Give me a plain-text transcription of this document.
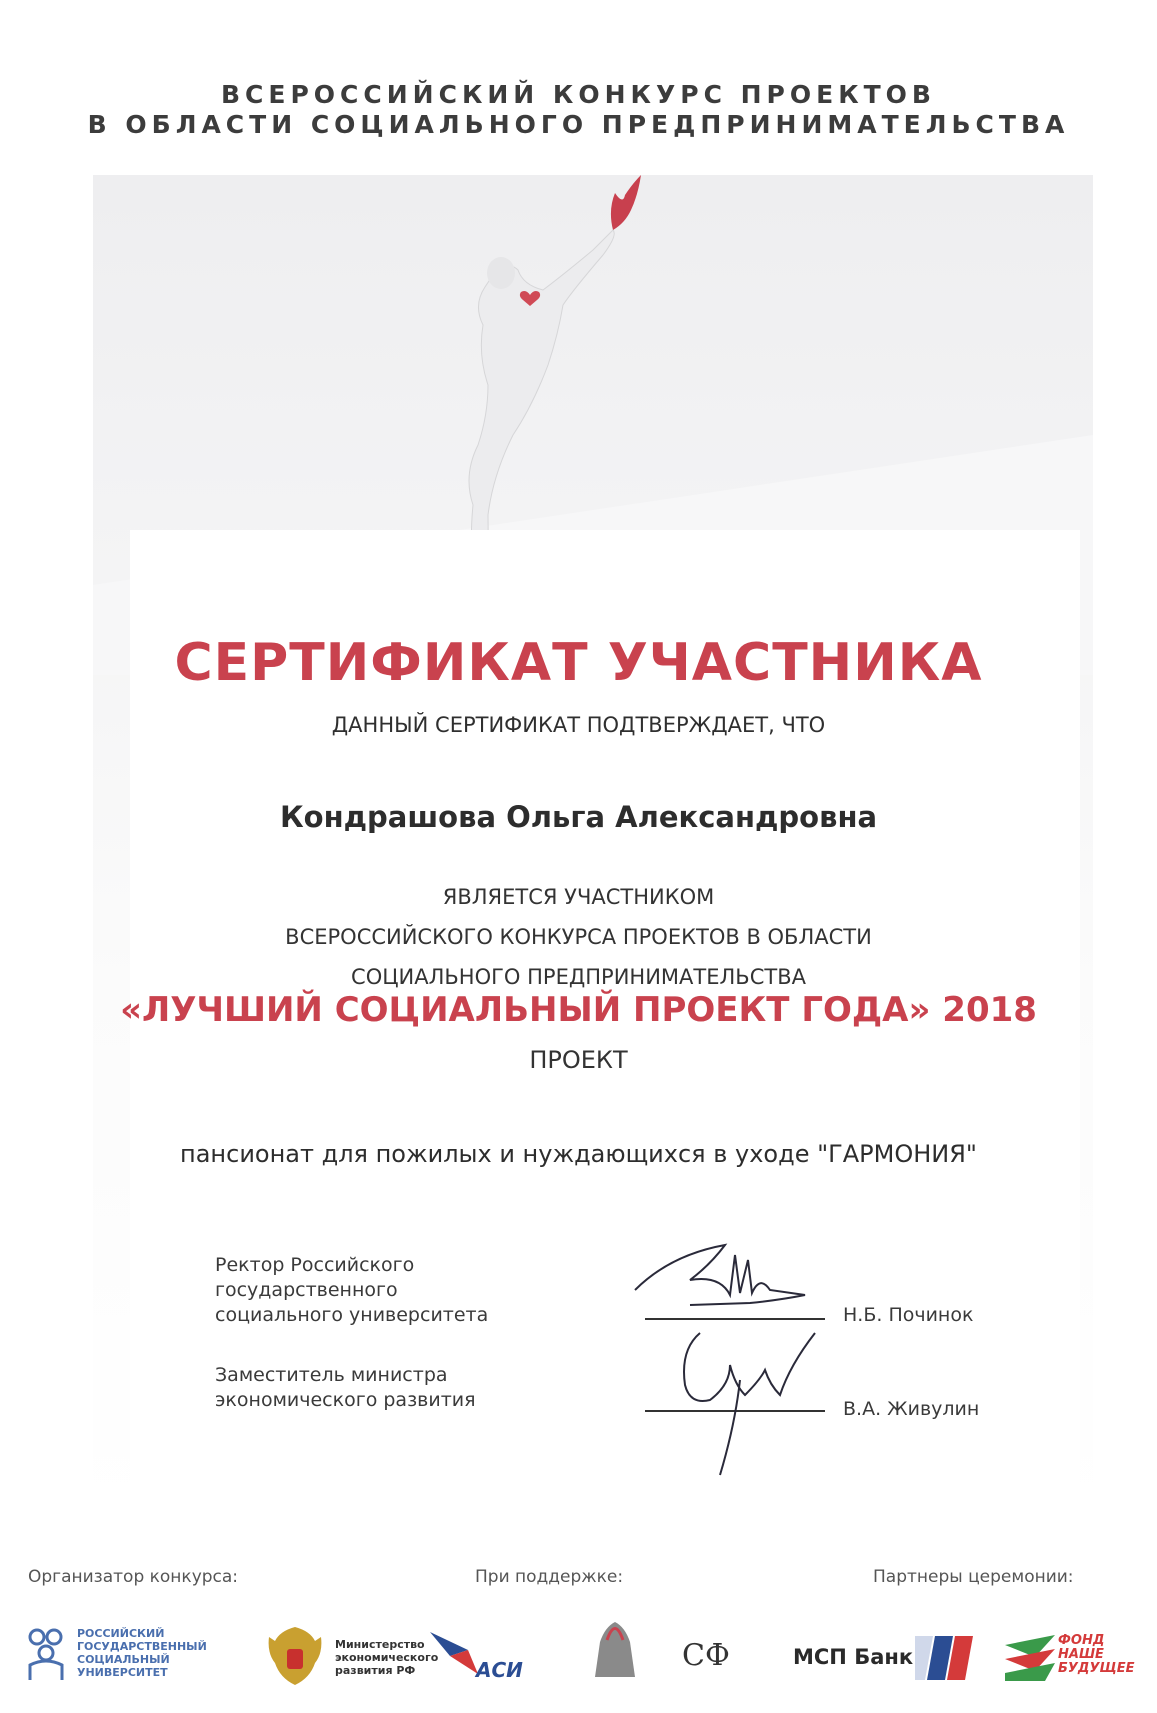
ВСЕРОССИЙСКИЙ КОНКУРС ПРОЕКТОВ
В ОБЛАСТИ СОЦИАЛЬНОГО ПРЕДПРИНИМАТЕЛЬСТВА
СЕРТИФИКАТ УЧАСТНИКА
ДАННЫЙ СЕРТИФИКАТ ПОДТВЕРЖДАЕТ, ЧТО
Кондрашова Ольга Александровна
ЯВЛЯЕТСЯ УЧАСТНИКОМ
ВСЕРОССИЙСКОГО КОНКУРСА ПРОЕКТОВ В ОБЛАСТИ
СОЦИАЛЬНОГО ПРЕДПРИНИМАТЕЛЬСТВА
«ЛУЧШИЙ СОЦИАЛЬНЫЙ ПРОЕКТ ГОДА» 2018
ПРОЕКТ
пансионат для пожилых и нуждающихся в уходе "ГАРМОНИЯ"
Ректор Российского
государственного
социального университета
Заместитель министра
экономического развития
Н.Б. Починок
В.А. Живулин
Организатор конкурса:	При поддержке:	Партнеры церемонии:
РОССИЙСКИЙ
ГОСУДАРСТВЕННЫЙ
СОЦИАЛЬНЫЙ
УНИВЕРСИТЕТ
Министерство
экономического
развития РФ	АСИ	СФ	МСП Банк
ФОНД
НАШЕ
БУДУЩЕЕ
